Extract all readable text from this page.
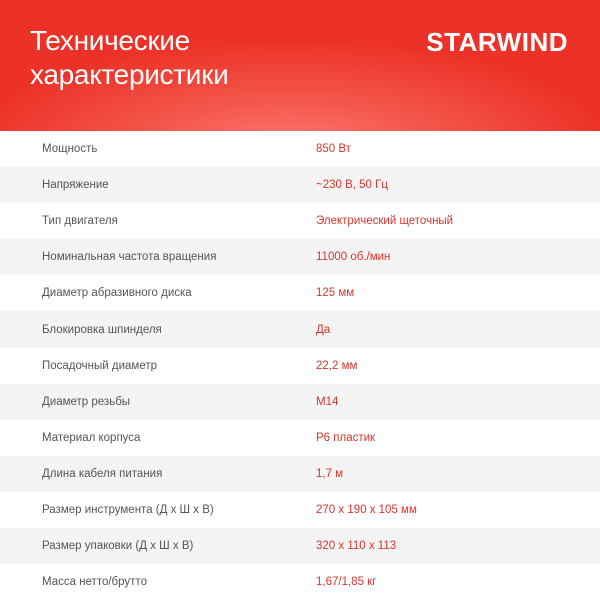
Технические
характеристики
STARWIND
Мощность	850 Вт
Напряжение	~230 В, 50 Гц
Тип двигателя	Электрический щеточный
Номинальная частота вращения	11000 об./мин
Диаметр абразивного диска	125 мм
Блокировка шпинделя	Да
Посадочный диаметр	22,2 мм
Диаметр резьбы	М14
Материал корпуса	Р6 пластик
Длина кабеля питания	1,7 м
Размер инструмента (Д х Ш х В)	270 х 190 х 105 мм
Размер упаковки (Д х Ш х В)	320 х 110 х 113
Масса нетто/брутто	1,67/1,85 кг
